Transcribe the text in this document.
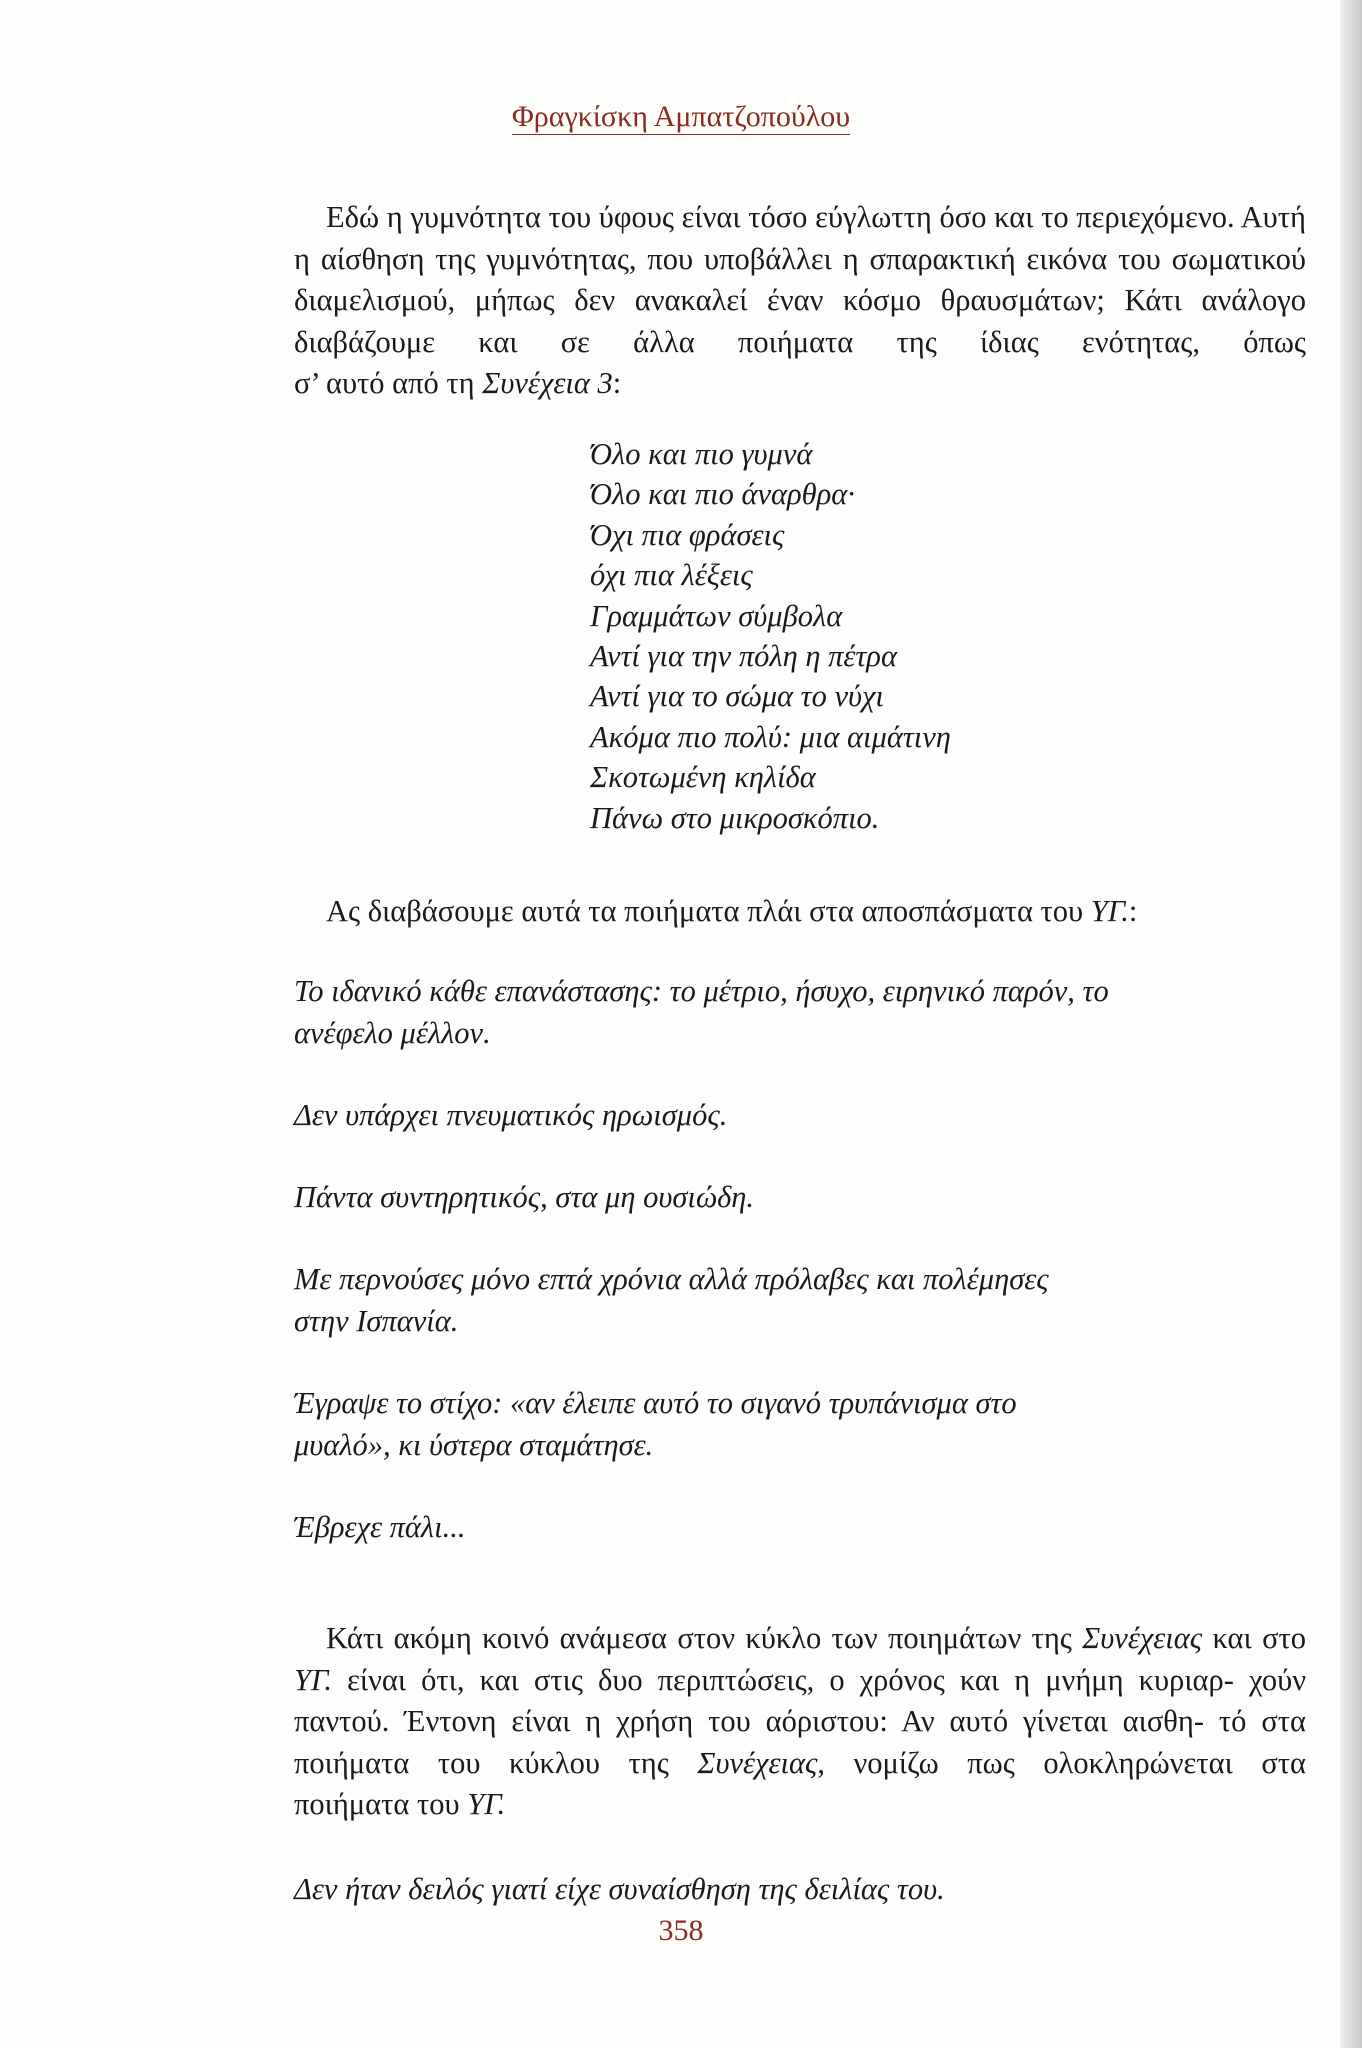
Φραγκίσκη Αμπατζοπούλου
Εδώ η γυμνότητα του ύφους είναι τόσο εύγλωττη όσο και το περιεχόμενο. Αυτή η αίσθηση της γυμνότητας, που υποβάλλει η σπαρακτική εικόνα του σωματικού διαμελισμού, μήπως δεν ανακαλεί έναν κόσμο θραυσμάτων; Κάτι ανάλογο διαβάζουμε και σε άλλα ποιήματα της ίδιας ενότητας, όπως σ’ αυτό από τη Συνέχεια 3:
Όλο και πιο γυμνά
Όλο και πιο άναρθρα·
Όχι πια φράσεις
όχι πια λέξεις
Γραμμάτων σύμβολα
Αντί για την πόλη η πέτρα
Αντί για το σώμα το νύχι
Ακόμα πιο πολύ: μια αιμάτινη
Σκοτωμένη κηλίδα
Πάνω στο μικροσκόπιο.
Ας διαβάσουμε αυτά τα ποιήματα πλάι στα αποσπάσματα του ΥΓ.:
Το ιδανικό κάθε επανάστασης: το μέτριο, ήσυχο, ειρηνικό παρόν, το
ανέφελο μέλλον.
Δεν υπάρχει πνευματικός ηρωισμός.
Πάντα συντηρητικός, στα μη ουσιώδη.
Με περνούσες μόνο επτά χρόνια αλλά πρόλαβες και πολέμησες
στην Ισπανία.
Έγραψε το στίχο: «αν έλειπε αυτό το σιγανό τρυπάνισμα στο
μυαλό», κι ύστερα σταμάτησε.
Έβρεχε πάλι...
Κάτι ακόμη κοινό ανάμεσα στον κύκλο των ποιημάτων της Συνέχειας και στο ΥΓ. είναι ότι, και στις δυο περιπτώσεις, ο χρόνος και η μνήμη κυριαρ- χούν παντού. Έντονη είναι η χρήση του αόριστου: Αν αυτό γίνεται αισθη- τό στα ποιήματα του κύκλου της Συνέχειας, νομίζω πως ολοκληρώνεται στα ποιήματα του ΥΓ.
Δεν ήταν δειλός γιατί είχε συναίσθηση της δειλίας του.
358
